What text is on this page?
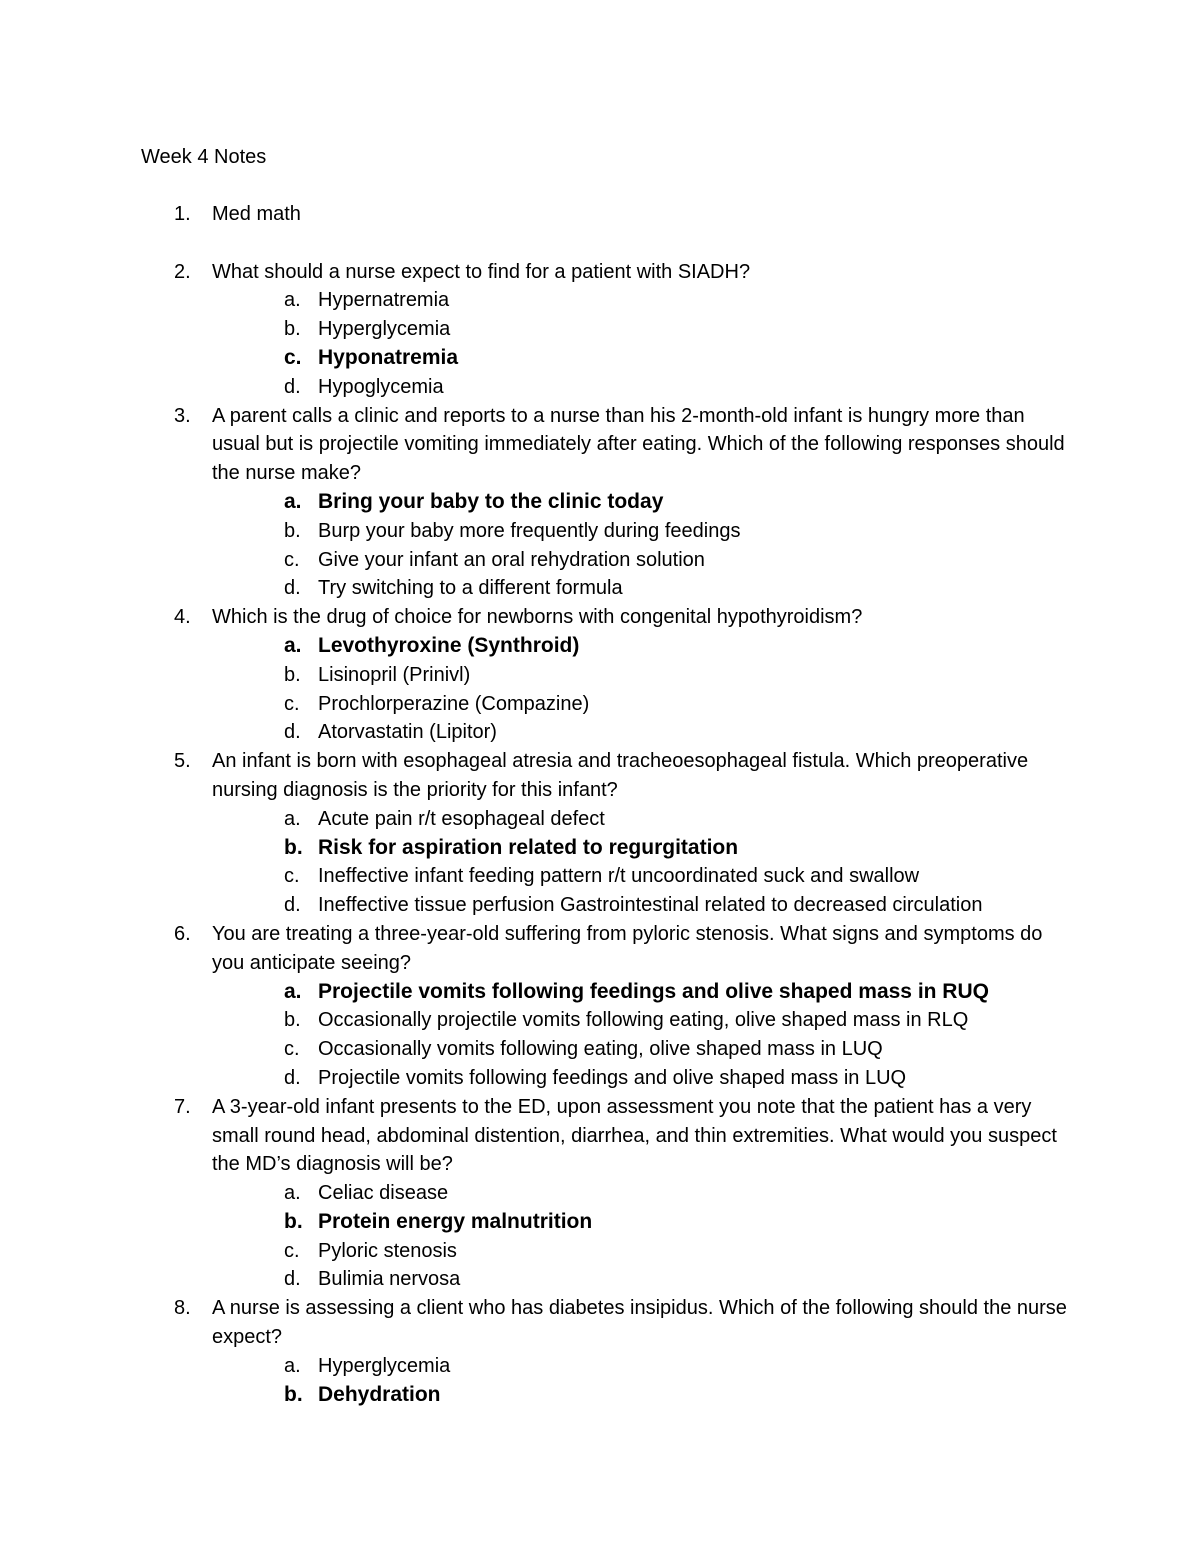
Week 4 Notes
1. Med math
2. What should a nurse expect to find for a patient with SIADH?
a. Hypernatremia
b. Hyperglycemia
c. Hyponatremia
d. Hypoglycemia
3. A parent calls a clinic and reports to a nurse than his 2-month-old infant is hungry more than usual but is projectile vomiting immediately after eating. Which of the following responses should the nurse make?
a. Bring your baby to the clinic today
b. Burp your baby more frequently during feedings
c. Give your infant an oral rehydration solution
d. Try switching to a different formula
4. Which is the drug of choice for newborns with congenital hypothyroidism?
a. Levothyroxine (Synthroid)
b. Lisinopril (Prinivl)
c. Prochlorperazine (Compazine)
d. Atorvastatin (Lipitor)
5. An infant is born with esophageal atresia and tracheoesophageal fistula. Which preoperative nursing diagnosis is the priority for this infant?
a. Acute pain r/t esophageal defect
b. Risk for aspiration related to regurgitation
c. Ineffective infant feeding pattern r/t uncoordinated suck and swallow
d. Ineffective tissue perfusion Gastrointestinal related to decreased circulation
6. You are treating a three-year-old suffering from pyloric stenosis. What signs and symptoms do you anticipate seeing?
a. Projectile vomits following feedings and olive shaped mass in RUQ
b. Occasionally projectile vomits following eating, olive shaped mass in RLQ
c. Occasionally vomits following eating, olive shaped mass in LUQ
d. Projectile vomits following feedings and olive shaped mass in LUQ
7. A 3-year-old infant presents to the ED, upon assessment you note that the patient has a very small round head, abdominal distention, diarrhea, and thin extremities. What would you suspect the MD’s diagnosis will be?
a. Celiac disease
b. Protein energy malnutrition
c. Pyloric stenosis
d. Bulimia nervosa
8. A nurse is assessing a client who has diabetes insipidus. Which of the following should the nurse expect?
a. Hyperglycemia
b. Dehydration
